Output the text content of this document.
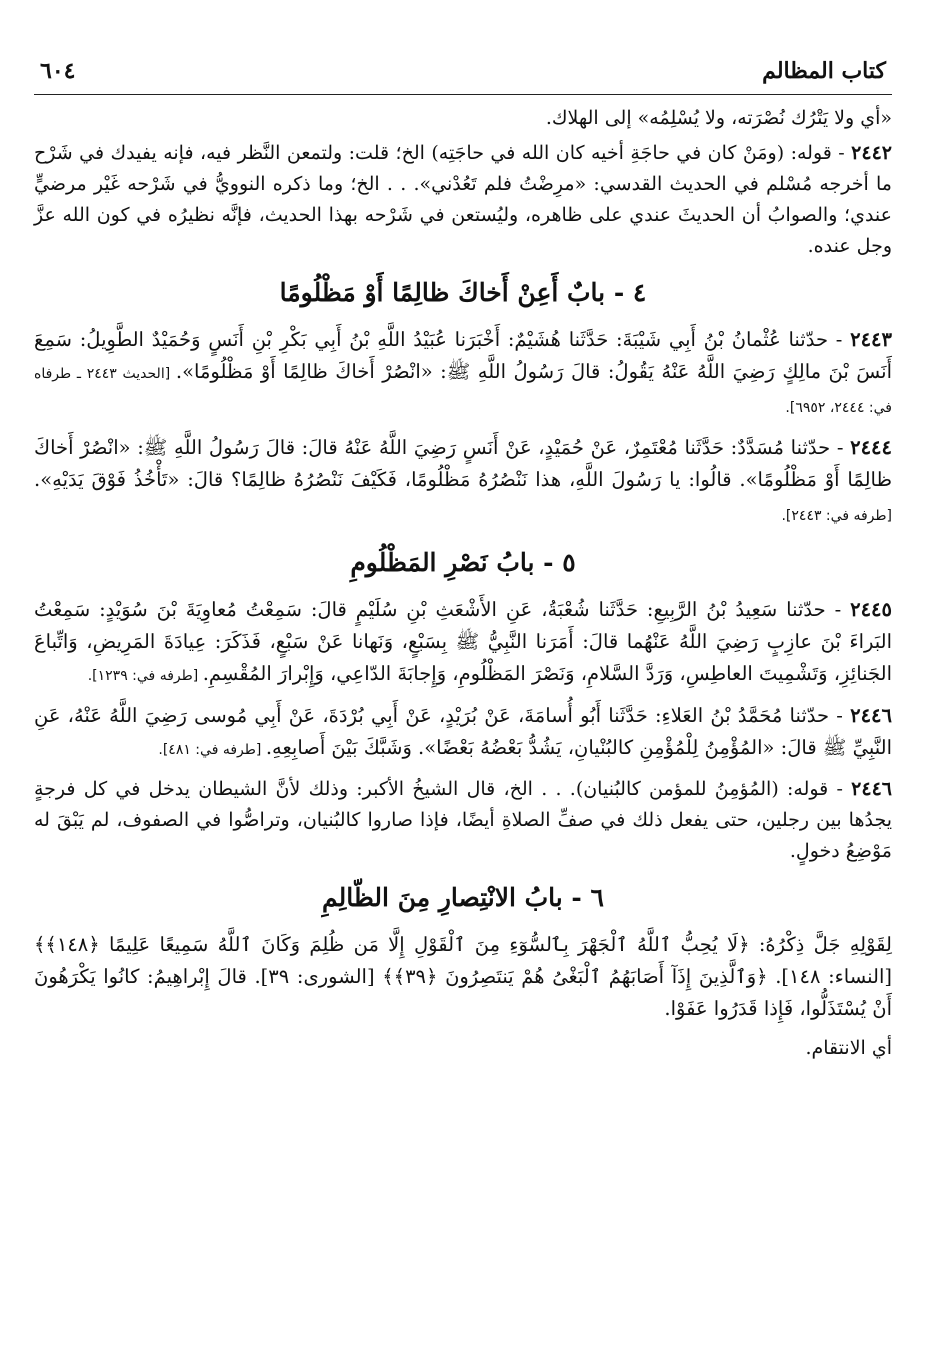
كتاب المظالم
٦٠٤

«أي ولا يَتْرُك نُصْرَته، ولا يُسْلِمُه» إلى الهلاك.

٢٤٤٢ - قوله: (ومَنْ كان في حاجَةِ أخيه كان الله في حاجَتِه) الخ؛ قلت: ولتمعن النَّظر فيه، فإنه يفيدك في شَرْح ما أخرجه مُسْلم في الحديث القدسي: «مرِضْتُ فلم تَعُدْني». . . الخ؛ وما ذكره النوويُّ في شَرْحه غَيْر مرضيٍّ عندي؛ والصوابُ أن الحديثَ عندي على ظاهره، وليُستعن في شَرْحه بهذا الحديث، فإنَّه نظيرُه في كون الله عزَّ وجل عنده.

٤ - بابٌ أَعِنْ أَخاكَ ظالِمًا أَوْ مَظْلُومًا

٢٤٤٣ - حدّثنا عُثْمانُ بْنُ أَبِي شَيْبَةَ: حَدَّثَنا هُشَيْمٌ: أَخْبَرَنا عُبَيْدُ اللَّهِ بْنُ أَبِي بَكْرِ بْنِ أَنَسٍ وَحُمَيْدٌ الطَّوِيلُ: سَمِعَ أَنَسَ بْنَ مالِكٍ رَضِيَ اللَّهُ عَنْهُ يَقُولُ: قالَ رَسُولُ اللَّهِ ﷺ: «انْصُرْ أَخاكَ ظالِمًا أَوْ مَظْلُومًا». [الحديث ٢٤٤٣ ـ طرفاه في: ٢٤٤٤، ٦٩٥٢].

٢٤٤٤ - حدّثنا مُسَدَّدٌ: حَدَّثَنا مُعْتَمِرٌ، عَنْ حُمَيْدٍ، عَنْ أَنَسٍ رَضِيَ اللَّهُ عَنْهُ قالَ: قالَ رَسُولُ اللَّهِ ﷺ: «انْصُرْ أَخاكَ ظالِمًا أَوْ مَظْلُومًا». قالُوا: يا رَسُولَ اللَّهِ، هذا نَنْصُرُهُ مَظْلُومًا، فَكَيْفَ نَنْصُرُهُ ظالِمًا؟ قالَ: «تَأْخُذُ فَوْقَ يَدَيْهِ». [طرفه في: ٢٤٤٣].

٥ - بابُ نَصْرِ المَظْلُومِ

٢٤٤٥ - حدّثنا سَعِيدُ بْنُ الرَّبِيعِ: حَدَّثَنا شُعْبَةُ، عَنِ الأَشْعَثِ بْنِ سُلَيْمٍ قالَ: سَمِعْتُ مُعاوِيَةَ بْنَ سُوَيْدٍ: سَمِعْتُ البَراءَ بْنَ عازِبٍ رَضِيَ اللَّهُ عَنْهُما قالَ: أَمَرَنا النَّبِيُّ ﷺ بِسَبْعٍ، وَنَهانا عَنْ سَبْعٍ، فَذَكَرَ: عِيادَةَ المَرِيضِ، وَاتِّباعَ الجَنائِزِ، وَتَشْمِيتَ العاطِسِ، وَرَدَّ السَّلامِ، وَنَصْرَ المَظْلُومِ، وَإِجابَةَ الدّاعِي، وَإِبْرارَ المُقْسِمِ. [طرفه في: ١٢٣٩].

٢٤٤٦ - حدّثنا مُحَمَّدُ بْنُ العَلاءِ: حَدَّثَنا أَبُو أُسامَةَ، عَنْ بُرَيْدٍ، عَنْ أَبِي بُرْدَةَ، عَنْ أَبِي مُوسى رَضِيَ اللَّهُ عَنْهُ، عَنِ النَّبِيِّ ﷺ قالَ: «المُؤْمِنُ لِلْمُؤْمِنِ كالبُنْيانِ، يَشُدُّ بَعْضُهُ بَعْضًا». وَشَبَّكَ بَيْنَ أَصابِعِهِ. [طرفه في: ٤٨١].

٢٤٤٦ - قوله: (المُؤمِنُ للمؤمن كالبُنيان). . . الخ، قال الشيخُ الأكبر: وذلك لأنَّ الشيطان يدخل في كل فرجةٍ يجدُها بين رجلين، حتى يفعل ذلك في صفِّ الصلاةِ أيضًا، فإذا صاروا كالبُنيان، وتراصُّوا في الصفوف، لم يَبْقَ له مَوْضِعُ دخولٍ.

٦ - بابُ الانْتِصارِ مِنَ الظّالِمِ

لِقَوْلِهِ جَلَّ ذِكْرُهُ: ﴿لَا يُحِبُّ ٱللَّهُ ٱلْجَهْرَ بِٱلسُّوٓءِ مِنَ ٱلْقَوْلِ إِلَّا مَن ظُلِمَ وَكَانَ ٱللَّهُ سَمِيعًا عَلِيمًا ﴿١٤٨﴾﴾ [النساء: ١٤٨]. ﴿وَٱلَّذِينَ إِذَآ أَصَابَهُمُ ٱلْبَغْىُ هُمْ يَنتَصِرُونَ ﴿٣٩﴾﴾ [الشورى: ٣٩]. قالَ إِبْراهِيمُ: كانُوا يَكْرَهُونَ أَنْ يُسْتَذَلُّوا، فَإِذا قَدَرُوا عَفَوْا.

أي الانتقام.
